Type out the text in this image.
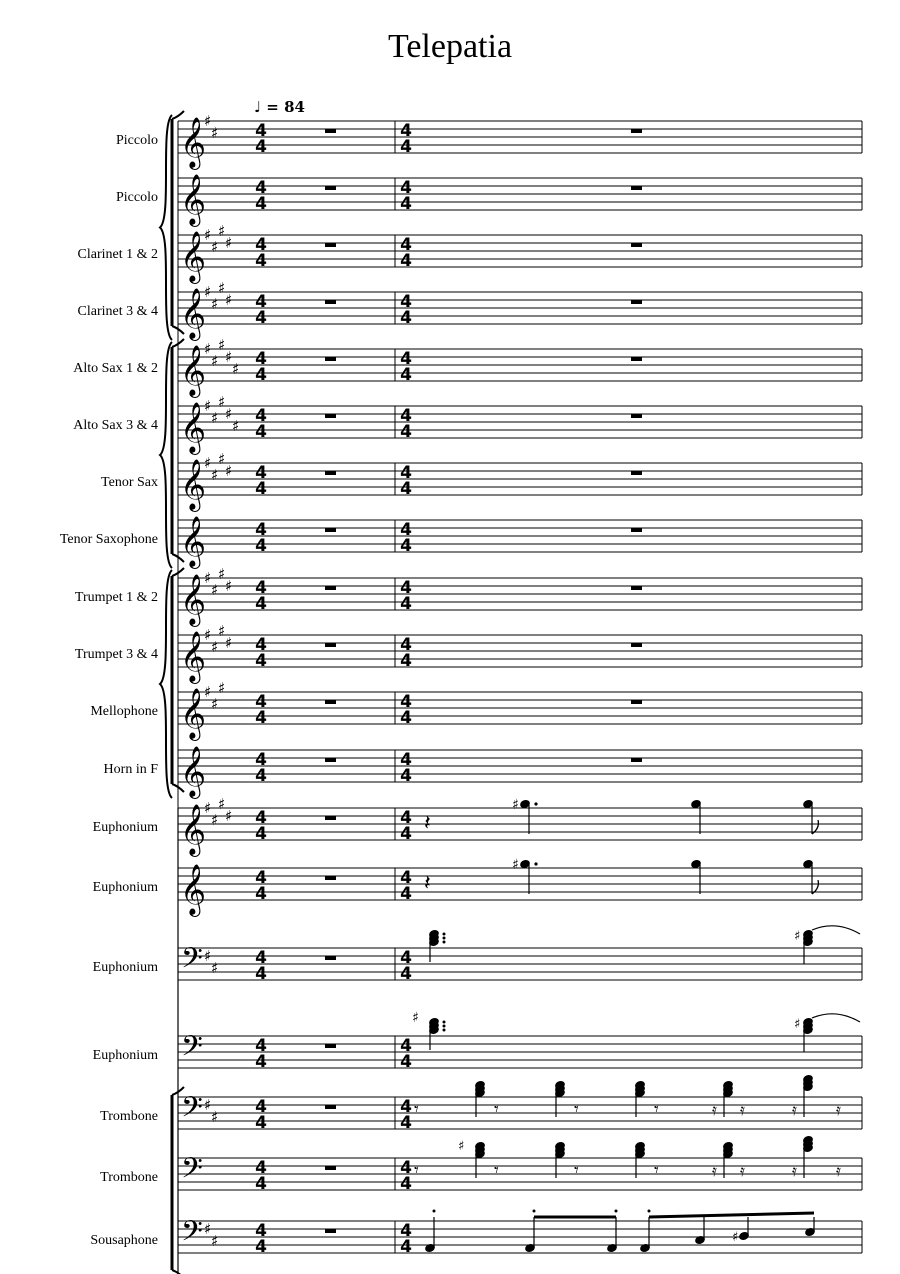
Telepatia
♩ = 84
Piccolo
Piccolo
Clarinet 1 & 2
Clarinet 3 & 4
Alto Sax 1 & 2
Alto Sax 3 & 4
Tenor Sax
Tenor Saxophone
Trumpet 1 & 2
Trumpet 3 & 4
Mellophone
Horn in F
Euphonium
Euphonium
Euphonium
Euphonium
Trombone
Trombone
Sousaphone
𝄞
♯
♯ 4
4
4
4
𝄞	4
4
4
4
𝄞
♯
♯
♯
♯ 4
4
4
4
𝄞
♯
♯
♯
♯ 4
4
4
4
𝄞
♯
♯
♯
♯
♯ 4
4
4
4
𝄞
♯
♯
♯
♯
♯ 4
4
4
4
𝄞
♯
♯
♯
♯ 4
4
4
4
𝄞	4
4
4
4
𝄞
♯
♯
♯
♯ 4
4
4
4
𝄞
♯
♯
♯
♯ 4
4
4
4
𝄞
♯
♯
♯
4
4
4
4
𝄞	4
4
4
4
𝄞
♯
♯
♯
♯ 4
4
4
4
𝄞	4
4
4
4
𝄢 ♯
♯ 4
4
4
4
𝄢	4
4
4
4
𝄢 ♯
♯ 4
4
4
4
𝄢	4
4
4
4
𝄢 ♯
♯ 4
4
4
4
𝄽
♯
𝄽
♯
♯
♯	♯
𝄾	𝄾	𝄾	𝄾	𝄿	𝄿
𝄿	𝄿
𝄾	𝄾	𝄾	𝄾	𝄿	𝄿
𝄿	𝄿
♯
♯
